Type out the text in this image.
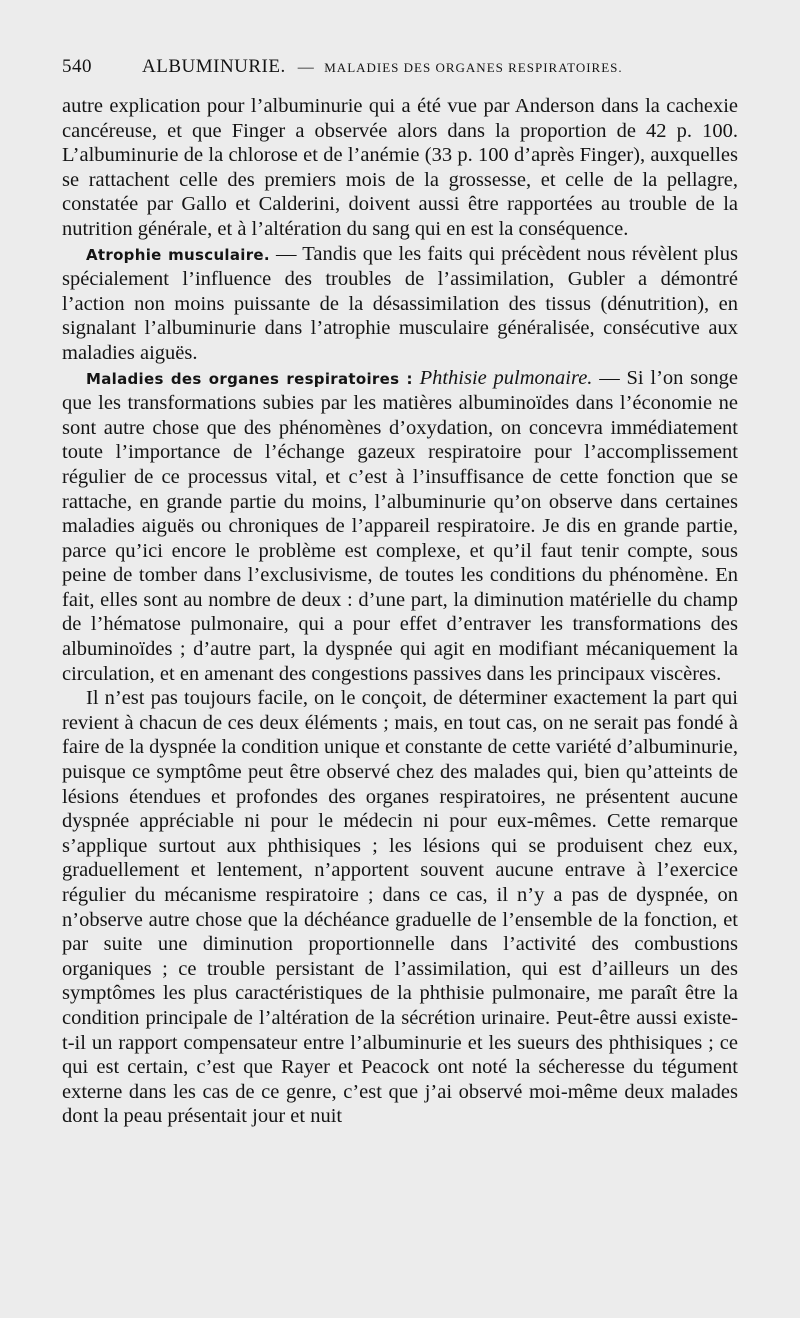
540	ALBUMINURIE. — MALADIES DES ORGANES RESPIRATOIRES.

autre explication pour l’albuminurie qui a été vue par Anderson dans la cachexie cancéreuse, et que Finger a observée alors dans la proportion de 42 p. 100. L’albuminurie de la chlorose et de l’anémie (33 p. 100 d’après Finger), auxquelles se rattachent celle des premiers mois de la grossesse, et celle de la pellagre, constatée par Gallo et Calderini, doivent aussi être rapportées au trouble de la nutrition générale, et à l’altération du sang qui en est la conséquence.

Atrophie musculaire. — Tandis que les faits qui précèdent nous révèlent plus spécialement l’influence des troubles de l’assimilation, Gubler a démontré l’action non moins puissante de la désassimilation des tissus (dénutrition), en signalant l’albuminurie dans l’atrophie musculaire généralisée, consécutive aux maladies aiguës.

Maladies des organes respiratoires : Phthisie pulmonaire. — Si l’on songe que les transformations subies par les matières albuminoïdes dans l’économie ne sont autre chose que des phénomènes d’oxydation, on concevra immédiatement toute l’importance de l’échange gazeux respiratoire pour l’accomplissement régulier de ce processus vital, et c’est à l’insuffisance de cette fonction que se rattache, en grande partie du moins, l’albuminurie qu’on observe dans certaines maladies aiguës ou chroniques de l’appareil respiratoire. Je dis en grande partie, parce qu’ici encore le problème est complexe, et qu’il faut tenir compte, sous peine de tomber dans l’exclusivisme, de toutes les conditions du phénomène. En fait, elles sont au nombre de deux : d’une part, la diminution matérielle du champ de l’hématose pulmonaire, qui a pour effet d’entraver les transformations des albuminoïdes ; d’autre part, la dyspnée qui agit en modifiant mécaniquement la circulation, et en amenant des congestions passives dans les principaux viscères.

Il n’est pas toujours facile, on le conçoit, de déterminer exactement la part qui revient à chacun de ces deux éléments ; mais, en tout cas, on ne serait pas fondé à faire de la dyspnée la condition unique et constante de cette variété d’albuminurie, puisque ce symptôme peut être observé chez des malades qui, bien qu’atteints de lésions étendues et profondes des organes respiratoires, ne présentent aucune dyspnée appréciable ni pour le médecin ni pour eux-mêmes. Cette remarque s’applique surtout aux phthisiques ; les lésions qui se produisent chez eux, graduellement et lentement, n’apportent souvent aucune entrave à l’exercice régulier du mécanisme respiratoire ; dans ce cas, il n’y a pas de dyspnée, on n’observe autre chose que la déchéance graduelle de l’ensemble de la fonction, et par suite une diminution proportionnelle dans l’activité des combustions organiques ; ce trouble persistant de l’assimilation, qui est d’ailleurs un des symptômes les plus caractéristiques de la phthisie pulmonaire, me paraît être la condition principale de l’altération de la sécrétion urinaire. Peut-être aussi existe-t-il un rapport compensateur entre l’albuminurie et les sueurs des phthisiques ; ce qui est certain, c’est que Rayer et Peacock ont noté la sécheresse du tégument externe dans les cas de ce genre, c’est que j’ai observé moi-même deux malades dont la peau présentait jour et nuit
